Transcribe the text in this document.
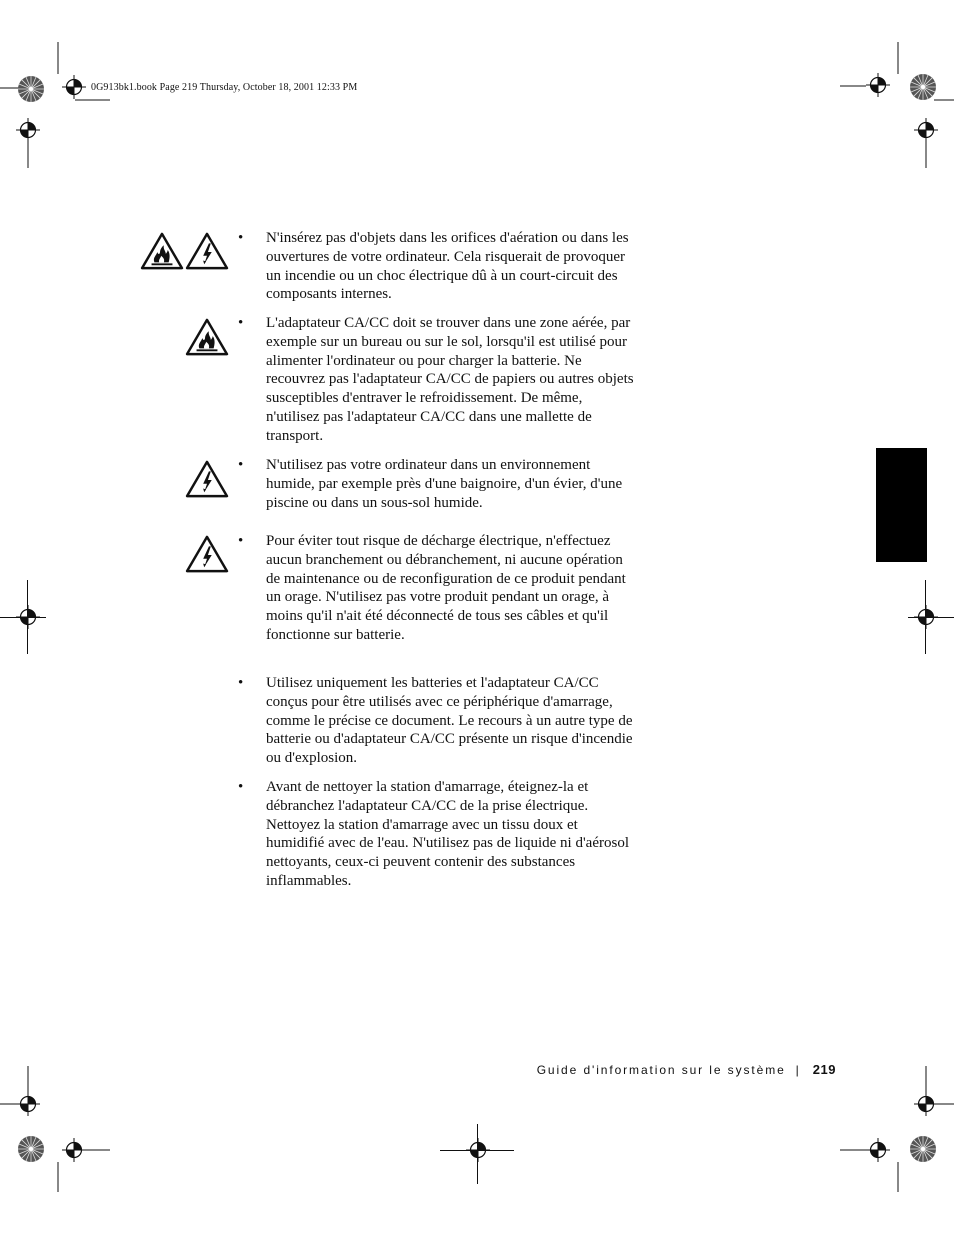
0G913bk1.book Page 219 Thursday, October 18, 2001 12:33 PM
•	N'insérez pas d'objets dans les orifices d'aération ou dans les ouvertures de votre ordinateur. Cela risquerait de provoquer un incendie ou un choc électrique dû à un court-circuit des composants internes.
•	L'adaptateur CA/CC doit se trouver dans une zone aérée, par exemple sur un bureau ou sur le sol, lorsqu'il est utilisé pour alimenter l'ordinateur ou pour charger la batterie. Ne recouvrez pas l'adaptateur CA/CC de papiers ou autres objets susceptibles d'entraver le refroidissement. De même, n'utilisez pas l'adaptateur CA/CC dans une mallette de transport.
•	N'utilisez pas votre ordinateur dans un environnement humide, par exemple près d'une baignoire, d'un évier, d'une piscine ou dans un sous-sol humide.
•	Pour éviter tout risque de décharge électrique, n'effectuez aucun branchement ou débranchement, ni aucune opération de maintenance ou de reconfiguration de ce produit pendant un orage. N'utilisez pas votre produit pendant un orage, à moins qu'il n'ait été déconnecté de tous ses câbles et qu'il fonctionne sur batterie.
•	Utilisez uniquement les batteries et l'adaptateur CA/CC conçus pour être utilisés avec ce périphérique d'amarrage, comme le précise ce document. Le recours à un autre type de batterie ou d'adaptateur CA/CC présente un risque d'incendie ou d'explosion.
•	Avant de nettoyer la station d'amarrage, éteignez-la et débranchez l'adaptateur CA/CC de la prise électrique. Nettoyez la station d'amarrage avec un tissu doux et humidifié avec de l'eau. N'utilisez pas de liquide ni d'aérosol nettoyants, ceux-ci peuvent contenir des substances inflammables.
Guide d'information sur le système | 219
